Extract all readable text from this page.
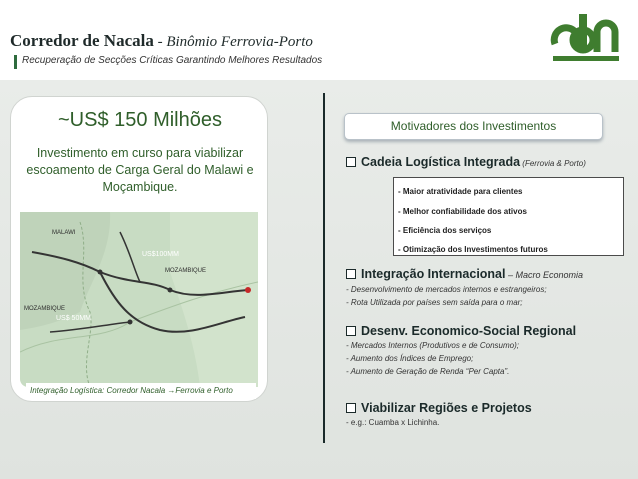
Corredor de Nacala - Binômio Ferrovia-Porto
Recuperação de Secções Críticas Garantindo Melhores Resultados
~US$ 150 Milhões
Investimento em curso para viabilizar escoamento de Carga Geral do Malawi e Moçambique.
MALAWI
MOZAMBIQUE
MOZAMBIQUE
US$100MM
US$ 50MM
Integração Logística: Corredor Nacala →Ferrovia e Porto
Motivadores dos Investimentos
Cadeia Logística Integrada (Ferrovia & Porto)
- Maior atratividade para clientes
- Melhor confiabilidade dos ativos
- Eficiência dos serviços
- Otimização dos Investimentos futuros
Integração Internacional – Macro Economia
- Desenvolvimento de mercados internos e estrangeiros;
- Rota Utilizada por países sem saída para o mar;
Desenv. Economico-Social Regional
- Mercados Internos (Produtivos e de Consumo);
- Aumento dos Índices de Emprego;
- Aumento de Geração de Renda “Per Capta”.
Viabilizar Regiões e Projetos
- e.g.: Cuamba x Lichinha.
